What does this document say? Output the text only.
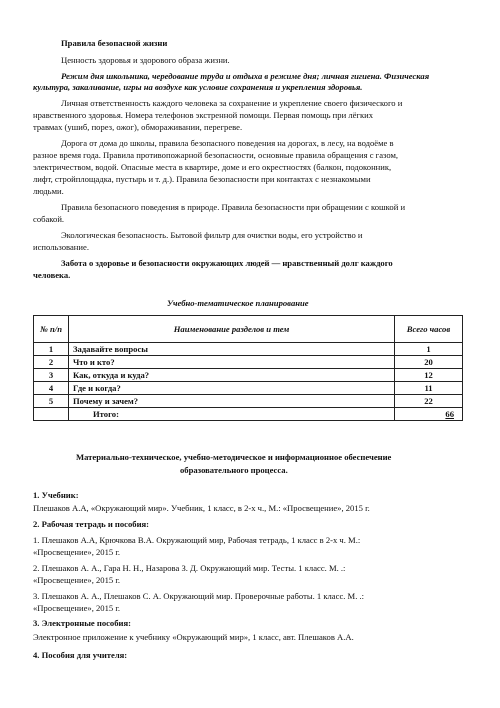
Правила безопасной жизни
Ценность здоровья и здорового образа жизни.
Режим дня школьника, чередование труда и отдыха в режиме дня; личная гигиена. Физическая
культура, закаливание, игры на воздухе как условие сохранения и укрепления здоровья.
Личная ответственность каждого человека за сохранение и укрепление своего физического и
нравственного здоровья. Номера телефонов экстренной помощи. Первая помощь при лёгких
травмах (ушиб, порез, ожог), обмораживании, перегреве.
Дорога от дома до школы, правила безопасного поведения на дорогах, в лесу, на водоёме в
разное время года. Правила противопожарной безопасности, основные правила обращения с газом,
электричеством, водой. Опасные места в квартире, доме и его окрестностях (балкон, подоконник,
лифт, стройплощадка, пустырь и т. д.). Правила безопасности при контактах с незнакомыми
людьми.
Правила безопасного поведения в природе. Правила безопасности при обращении с кошкой и
собакой.
Экологическая безопасность. Бытовой фильтр для очистки воды, его устройство и
использование.
Забота о здоровье и безопасности окружающих людей — нравственный долг каждого
человека.
Учебно-тематическое планирование
№ п/п	Наименование разделов и тем	Всего часов
1	Задавайте вопросы	1
2	Что и кто?	20
3	Как, откуда и куда?	12
4	Где и когда?	11
5	Почему и зачем?	22
	Итого:	66
Материально-техническое, учебно-методическое и информационное обеспечение
образовательного процесса.
1. Учебник:
Плешаков А.А, «Окружающий мир». Учебник, 1 класс, в 2-х ч., М.: «Просвещение», 2015 г.
2. Рабочая тетрадь и пособия:
1. Плешаков А.А, Крючкова В.А. Окружающий мир, Рабочая тетрадь, 1 класс в 2-х ч. М.:
«Просвещение», 2015 г.
2. Плешаков А. А., Гара Н. Н., Назарова З. Д. Окружающий мир. Тесты. 1 класс. М. .:
«Просвещение», 2015 г.
3. Плешаков А. А., Плешаков С. А. Окружающий мир. Проверочные работы. 1 класс. М. .:
«Просвещение», 2015 г.
3. Электронные пособия:
Электронное приложение к учебнику «Окружающий мир», 1 класс, авт. Плешаков А.А.
4. Пособия для учителя:
